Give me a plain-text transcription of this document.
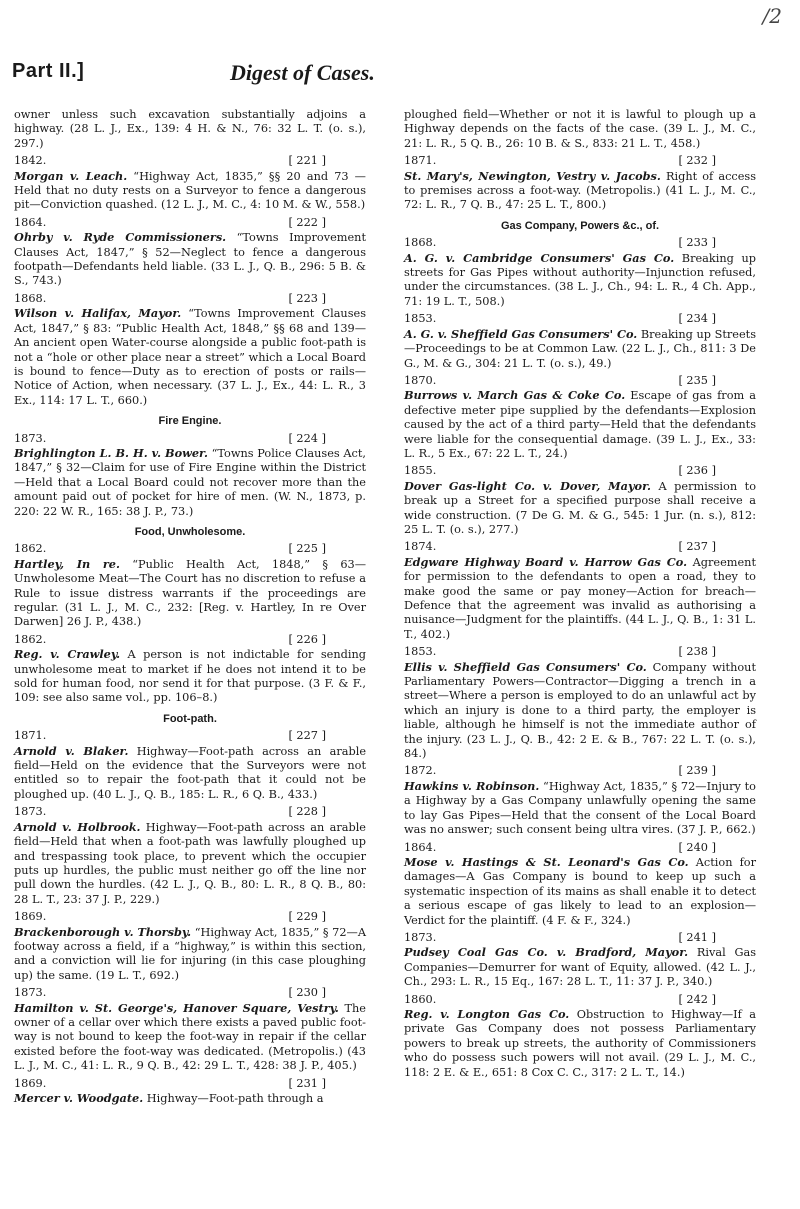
/2
Part II.]	Digest of Cases.

owner unless such excavation substantially adjoins a highway. (28 L. J., Ex., 139: 4 H. & N., 76: 32 L. T. (o. s.), 297.)

1842.	[ 221 ]
Morgan v. Leach. “Highway Act, 1835,” §§ 20 and 73 —Held that no duty rests on a Surveyor to fence a dangerous pit—Conviction quashed. (12 L. J., M. C., 4: 10 M. & W., 558.)
1864.	[ 222 ]
Ohrby v. Ryde Commissioners. “Towns Improvement Clauses Act, 1847,” § 52—Neglect to fence a dangerous footpath—Defendants held liable. (33 L. J., Q. B., 296: 5 B. & S., 743.)
1868.	[ 223 ]
Wilson v. Halifax, Mayor. “Towns Improvement Clauses Act, 1847,” § 83: “Public Health Act, 1848,” §§ 68 and 139—An ancient open Water-course alongside a public foot-path is not a “hole or other place near a street” which a Local Board is bound to fence—Duty as to erection of posts or rails—Notice of Action, when necessary. (37 L. J., Ex., 44: L. R., 3 Ex., 114: 17 L. T., 660.)
Fire Engine.
1873.	[ 224 ]
Brighlington L. B. H. v. Bower. “Towns Police Clauses Act, 1847,” § 32—Claim for use of Fire Engine within the District—Held that a Local Board could not recover more than the amount paid out of pocket for hire of men. (W. N., 1873, p. 220: 22 W. R., 165: 38 J. P., 73.)
Food, Unwholesome.
1862.	[ 225 ]
Hartley, In re. “Public Health Act, 1848,” § 63—Unwholesome Meat—The Court has no discretion to refuse a Rule to issue distress warrants if the proceedings are regular. (31 L. J., M. C., 232: [Reg. v. Hartley, In re Over Darwen] 26 J. P., 438.)
1862.	[ 226 ]
Reg. v. Crawley. A person is not indictable for sending unwholesome meat to market if he does not intend it to be sold for human food, nor send it for that purpose. (3 F. & F., 109: see also same vol., pp. 106–8.)
Foot-path.
1871.	[ 227 ]
Arnold v. Blaker. Highway—Foot-path across an arable field—Held on the evidence that the Surveyors were not entitled so to repair the foot-path that it could not be ploughed up. (40 L. J., Q. B., 185: L. R., 6 Q. B., 433.)
1873.	[ 228 ]
Arnold v. Holbrook. Highway—Foot-path across an arable field—Held that when a foot-path was lawfully ploughed up and trespassing took place, to prevent which the occupier puts up hurdles, the public must neither go off the line nor pull down the hurdles. (42 L. J., Q. B., 80: L. R., 8 Q. B., 80: 28 L. T., 23: 37 J. P., 229.)
1869.	[ 229 ]
Brackenborough v. Thorsby. “Highway Act, 1835,” § 72—A footway across a field, if a “highway,” is within this section, and a conviction will lie for injuring (in this case ploughing up) the same. (19 L. T., 692.)
1873.	[ 230 ]
Hamilton v. St. George's, Hanover Square, Vestry. The owner of a cellar over which there exists a paved public foot-way is not bound to keep the foot-way in repair if the cellar existed before the foot-way was dedicated. (Metropolis.) (43 L. J., M. C., 41: L. R., 9 Q. B., 42: 29 L. T., 428: 38 J. P., 405.)
1869.	[ 231 ]
Mercer v. Woodgate. Highway—Foot-path through a

ploughed field—Whether or not it is lawful to plough up a Highway depends on the facts of the case. (39 L. J., M. C., 21: L. R., 5 Q. B., 26: 10 B. & S., 833: 21 L. T., 458.)

1871.	[ 232 ]
St. Mary's, Newington, Vestry v. Jacobs. Right of access to premises across a foot-way. (Metropolis.) (41 L. J., M. C., 72: L. R., 7 Q. B., 47: 25 L. T., 800.)
Gas Company, Powers &c., of.
1868.	[ 233 ]
A. G. v. Cambridge Consumers' Gas Co. Breaking up streets for Gas Pipes without authority—Injunction refused, under the circumstances. (38 L. J., Ch., 94: L. R., 4 Ch. App., 71: 19 L. T., 508.)
1853.	[ 234 ]
A. G. v. Sheffield Gas Consumers' Co. Breaking up Streets—Proceedings to be at Common Law. (22 L. J., Ch., 811: 3 De G., M. & G., 304: 21 L. T. (o. s.), 49.)
1870.	[ 235 ]
Burrows v. March Gas & Coke Co. Escape of gas from a defective meter pipe supplied by the defendants—Explosion caused by the act of a third party—Held that the defendants were liable for the consequential damage. (39 L. J., Ex., 33: L. R., 5 Ex., 67: 22 L. T., 24.)
1855.	[ 236 ]
Dover Gas-light Co. v. Dover, Mayor. A permission to break up a Street for a specified purpose shall receive a wide construction. (7 De G. M. & G., 545: 1 Jur. (n. s.), 812: 25 L. T. (o. s.), 277.)
1874.	[ 237 ]
Edgware Highway Board v. Harrow Gas Co. Agreement for permission to the defendants to open a road, they to make good the same or pay money—Action for breach—Defence that the agreement was invalid as authorising a nuisance—Judgment for the plaintiffs. (44 L. J., Q. B., 1: 31 L. T., 402.)
1853.	[ 238 ]
Ellis v. Sheffield Gas Consumers' Co. Company without Parliamentary Powers—Contractor—Digging a trench in a street—Where a person is employed to do an unlawful act by which an injury is done to a third party, the employer is liable, although he himself is not the immediate author of the injury. (23 L. J., Q. B., 42: 2 E. & B., 767: 22 L. T. (o. s.), 84.)
1872.	[ 239 ]
Hawkins v. Robinson. “Highway Act, 1835,” § 72—Injury to a Highway by a Gas Company unlawfully opening the same to lay Gas Pipes—Held that the consent of the Local Board was no answer; such consent being ultra vires. (37 J. P., 662.)
1864.	[ 240 ]
Mose v. Hastings & St. Leonard's Gas Co. Action for damages—A Gas Company is bound to keep up such a systematic inspection of its mains as shall enable it to detect a serious escape of gas likely to lead to an explosion—Verdict for the plaintiff. (4 F. & F., 324.)
1873.	[ 241 ]
Pudsey Coal Gas Co. v. Bradford, Mayor. Rival Gas Companies—Demurrer for want of Equity, allowed. (42 L. J., Ch., 293: L. R., 15 Eq., 167: 28 L. T., 11: 37 J. P., 340.)
1860.	[ 242 ]
Reg. v. Longton Gas Co. Obstruction to Highway—If a private Gas Company does not possess Parliamentary powers to break up streets, the authority of Commissioners who do possess such powers will not avail. (29 L. J., M. C., 118: 2 E. & E., 651: 8 Cox C. C., 317: 2 L. T., 14.)
